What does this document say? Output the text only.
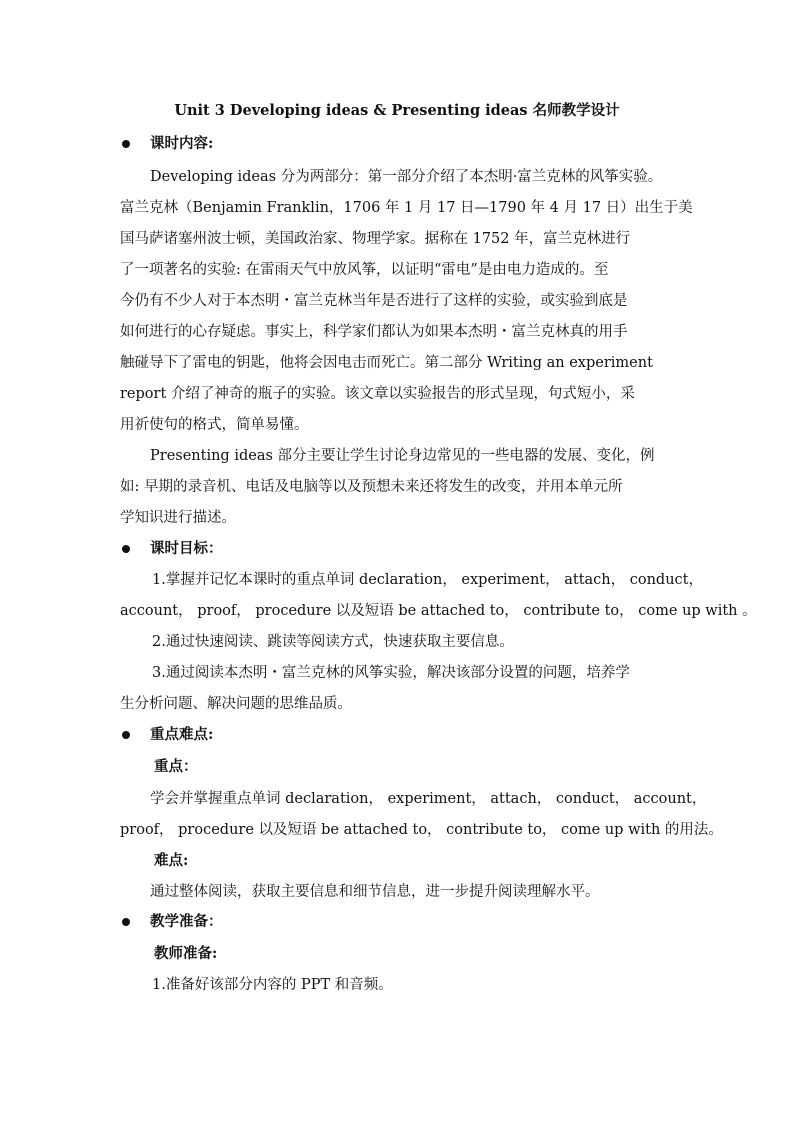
Unit 3 Developing ideas & Presenting ideas 名师教学设计
课时内容:
Developing ideas 分为两部分：第一部分介绍了本杰明·富兰克林的风筝实验。
富兰克林（Benjamin Franklin，1706 年 1 月 17 日—1790 年 4 月 17 日）出生于美
国马萨诸塞州波士顿，美国政治家、物理学家。据称在 1752 年，富兰克林进行
了一项著名的实验: 在雷雨天气中放风筝，以证明“雷电”是由电力造成的。至
今仍有不少人对于本杰明・富兰克林当年是否进行了这样的实验，或实验到底是
如何进行的心存疑虑。事实上，科学家们都认为如果本杰明・富兰克林真的用手
触碰导下了雷电的钥匙，他将会因电击而死亡。第二部分 Writing an experiment
report 介绍了神奇的瓶子的实验。该文章以实验报告的形式呈现，句式短小，采
用祈使句的格式，简单易懂。
Presenting ideas 部分主要让学生讨论身边常见的一些电器的发展、变化，例
如: 早期的录音机、电话及电脑等以及预想未来还将发生的改变，并用本单元所
学知识进行描述。
课时目标：
1.掌握并记忆本课时的重点单词 declaration， experiment， attach， conduct，
account， proof， procedure 以及短语 be attached to， contribute to， come up with 。
2.通过快速阅读、跳读等阅读方式，快速获取主要信息。
3.通过阅读本杰明・富兰克林的风筝实验，解决该部分设置的问题，培养学
生分析问题、解决问题的思维品质。
重点难点:
重点：
学会并掌握重点单词 declaration， experiment， attach， conduct， account，
proof， procedure 以及短语 be attached to， contribute to， come up with 的用法。
难点:
通过整体阅读，获取主要信息和细节信息，进一步提升阅读理解水平。
教学准备：
教师准备:
1.准备好该部分内容的 PPT 和音频。
